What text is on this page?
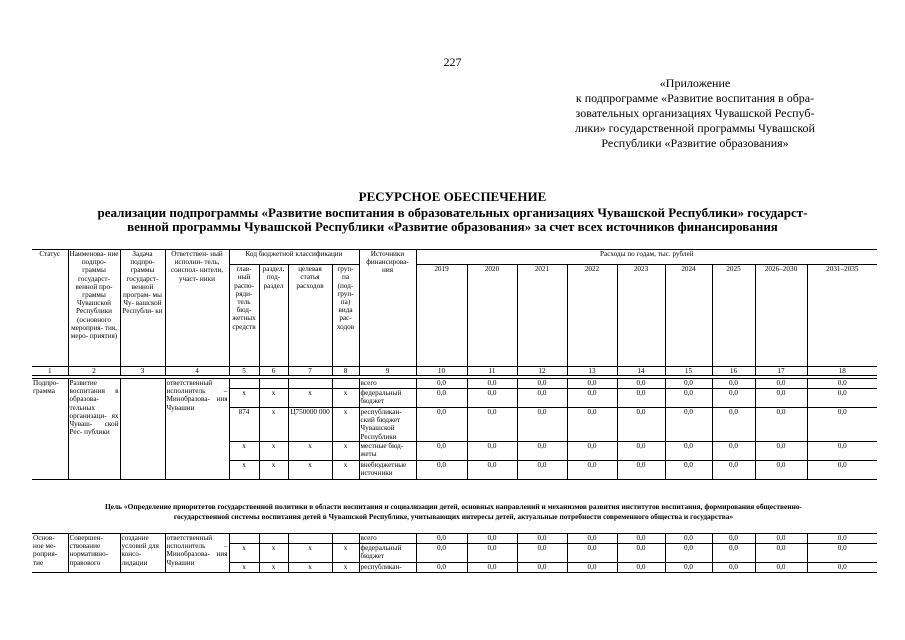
227
«Приложение
к подпрограмме «Развитие воспитания в обра-
зовательных организациях Чувашской Респуб-
лики» государственной программы Чувашской
Республики «Развитие образования»
РЕСУРСНОЕ ОБЕСПЕЧЕНИЕ
реализации подпрограммы «Развитие воспитания в образовательных организациях Чувашской Республики» государст-
венной программы Чувашской Республики «Развитие образования» за счет всех источников финансирования
Статус	Наименова- ние подпро- граммы государст- венной про- граммы Чувашской Республики (основного мероприя- тия, меро- приятия)	Задача подпро- граммы государст- венной програм- мы Чу- вашской Республи- ки	Ответствен- ный исполни- тель, соиспол- нители, участ- ники	Код бюджетной классификации				Источники финансирова- ния	Расходы по годам, тыс. рублей								
				глав- ный распо- ряди- тель бюд- жетных средств	раздел, под- раздел	целевая статья расходов	груп- па (под- груп- па) вида рас- ходов		2019	2020	2021	2022	2023	2024	2025	2026–2030	2031–2035
1	2	3	4	5	6	7	8	9	10	11	12	13	14	15	16	17	18
Подпро- грамма	Развитие воспитания в образова- тельных организаци- ях Чуваш- ской Рес- публики		ответственный исполнитель – Минобразова- ния Чувашии					всего	0,0	0,0	0,0	0,0	0,0	0,0	0,0	0,0	0,0
				х	х	х	х	федеральный бюджет	0,0	0,0	0,0	0,0	0,0	0,0	0,0	0,0	0,0
				874	х	Ц750000 000	х	республикан- ский бюджет Чувашской Республики	0,0	0,0	0,0	0,0	0,0	0,0	0,0	0,0	0,0
				х	х	х	х	местные бюд- жеты	0,0	0,0	0,0	0,0	0,0	0,0	0,0	0,0	0,0
				х	х	х	х	внебюджетные источники	0,0	0,0	0,0	0,0	0,0	0,0	0,0	0,0	0,0
Цель «Определение приоритетов государственной политики в области воспитания и социализации детей, основных направлений и механизмов развития институтов воспитания, формирования общественно-
государственной системы воспитания детей в Чувашской Республике, учитывающих интересы детей, актуальные потребности современного общества и государства»
Основ- ное ме- роприя- тие	Совершен- ствование нормативно- правового	создание условий для консо- лидации	ответственный исполнитель – Минобразова- ния Чувашии					всего	0,0	0,0	0,0	0,0	0,0	0,0	0,0	0,0	0,0
				х	х	х	х	федеральный бюджет	0,0	0,0	0,0	0,0	0,0	0,0	0,0	0,0	0,0
				х	х	х	х	республикан-	0,0	0,0	0,0	0,0	0,0	0,0	0,0	0,0	0,0
